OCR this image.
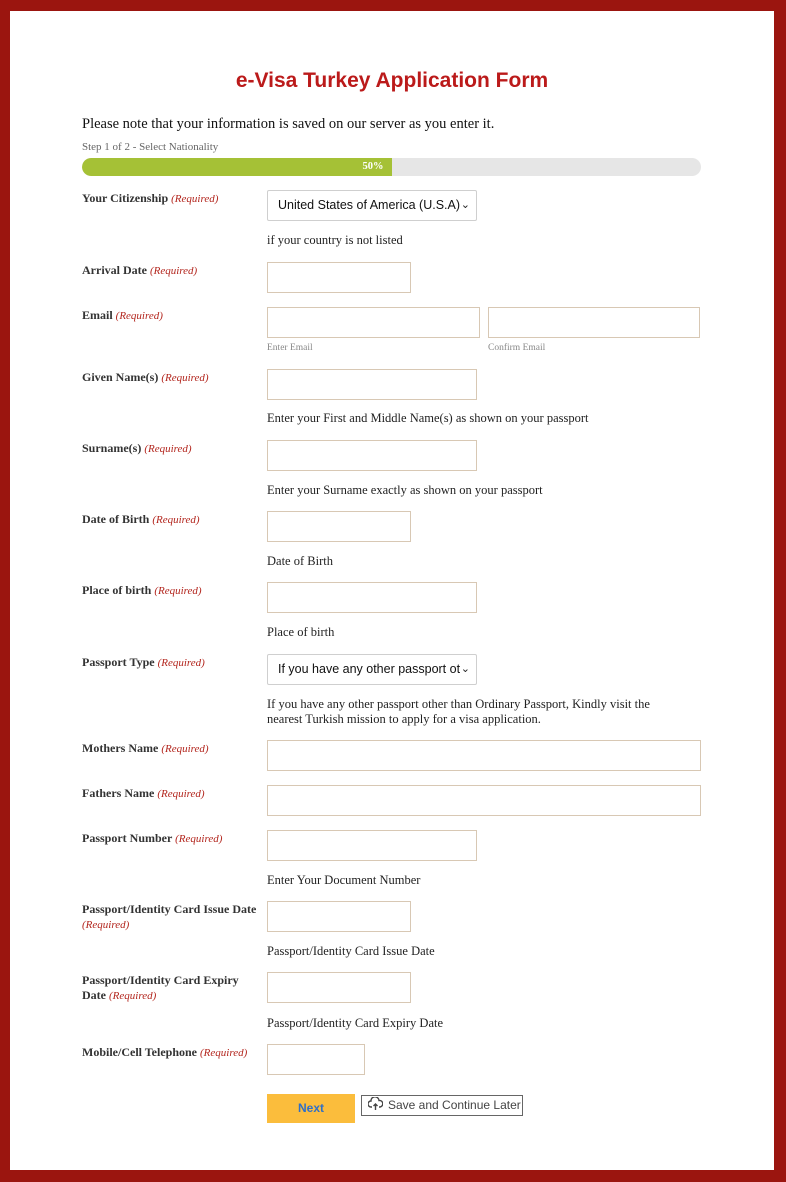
e-Visa Turkey Application Form
Please note that your information is saved on our server as you enter it.
Step 1 of 2 - Select Nationality
50%
Your Citizenship (Required)	United States of America (U.S.A) ⌄
if your country is not listed
Arrival Date (Required)
Email (Required)
Enter Email	Confirm Email
Given Name(s) (Required)
Enter your First and Middle Name(s) as shown on your passport
Surname(s) (Required)
Enter your Surname exactly as shown on your passport
Date of Birth (Required)
Date of Birth
Place of birth (Required)
Place of birth
Passport Type (Required)	If you have any other passport ot ⌄
If you have any other passport other than Ordinary Passport, Kindly visit the
nearest Turkish mission to apply for a visa application.
Mothers Name (Required)
Fathers Name (Required)
Passport Number (Required)
Enter Your Document Number
Passport/Identity Card Issue Date
(Required)
Passport/Identity Card Issue Date
Passport/Identity Card Expiry Date (Required)
Passport/Identity Card Expiry Date
Mobile/Cell Telephone (Required)
Next	Save and Continue Later
